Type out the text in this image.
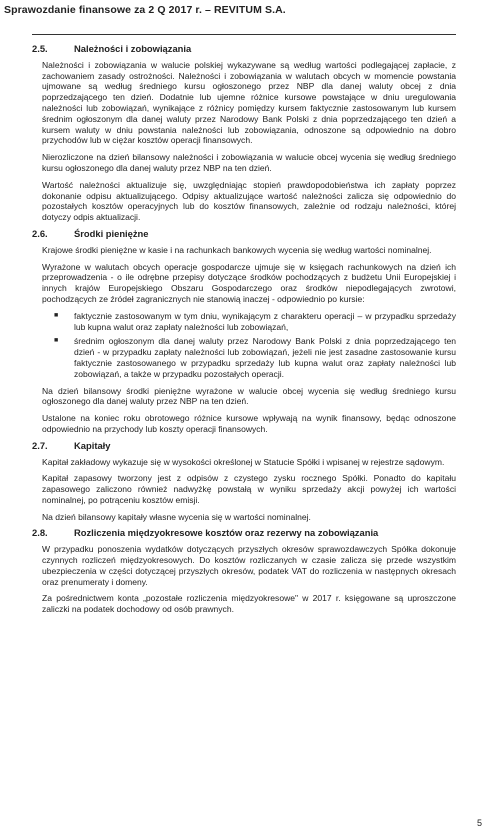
Sprawozdanie finansowe za 2 Q 2017 r. – REVITUM S.A.
2.5.	Należności i zobowiązania

Należności i zobowiązania w walucie polskiej wykazywane są według wartości podlegającej zapłacie, z zachowaniem zasady ostrożności. Należności i zobowiązania w walutach obcych w momencie powstania ujmowane są według średniego kursu ogłoszonego przez NBP dla danej waluty obcej z dnia poprzedzającego ten dzień. Dodatnie lub ujemne różnice kursowe powstające w dniu uregulowania należności lub zobowiązań, wynikające z różnicy pomiędzy kursem faktycznie zastosowanym lub kursem średnim ogłoszonym dla danej waluty przez Narodowy Bank Polski z dnia poprzedzającego ten dzień a kursem waluty w dniu powstania należności lub zobowiązania, odnoszone są odpowiednio na dobro przychodów lub w ciężar kosztów operacji finansowych.

Nierozliczone na dzień bilansowy należności i zobowiązania w walucie obcej wycenia się według średniego kursu ogłoszonego dla danej waluty przez NBP na ten dzień.

Wartość należności aktualizuje się, uwzględniając stopień prawdopodobieństwa ich zapłaty poprzez dokonanie odpisu aktualizującego. Odpisy aktualizujące wartość należności zalicza się odpowiednio do pozostałych kosztów operacyjnych lub do kosztów finansowych, zależnie od rodzaju należności, której dotyczy odpis aktualizacji.

2.6.	Środki pieniężne

Krajowe środki pieniężne w kasie i na rachunkach bankowych wycenia się według wartości nominalnej.

Wyrażone w walutach obcych operacje gospodarcze ujmuje się w księgach rachunkowych na dzień ich przeprowadzenia - o ile odrębne przepisy dotyczące środków pochodzących z budżetu Unii Europejskiej i innych krajów Europejskiego Obszaru Gospodarczego oraz środków niepodlegających zwrotowi, pochodzących ze źródeł zagranicznych nie stanowią inaczej - odpowiednio po kursie:

■ faktycznie zastosowanym w tym dniu, wynikającym z charakteru operacji – w przypadku sprzedaży lub kupna walut oraz zapłaty należności lub zobowiązań,
■ średnim ogłoszonym dla danej waluty przez Narodowy Bank Polski z dnia poprzedzającego ten dzień - w przypadku zapłaty należności lub zobowiązań, jeżeli nie jest zasadne zastosowanie kursu faktycznie zastosowanego w przypadku sprzedaży lub kupna walut oraz zapłaty należności lub zobowiązań, a także w przypadku pozostałych operacji.

Na dzień bilansowy środki pieniężne wyrażone w walucie obcej wycenia się według średniego kursu ogłoszonego dla danej waluty przez NBP na ten dzień.

Ustalone na koniec roku obrotowego różnice kursowe wpływają na wynik finansowy, będąc odnoszone odpowiednio na przychody lub koszty operacji finansowych.

2.7.	Kapitały

Kapitał zakładowy wykazuje się w wysokości określonej w Statucie Spółki i wpisanej w rejestrze sądowym.

Kapitał zapasowy tworzony jest z odpisów z czystego zysku rocznego Spółki. Ponadto do kapitału zapasowego zaliczono również nadwyżkę powstałą w wyniku sprzedaży akcji powyżej ich wartości nominalnej, po potrąceniu kosztów emisji.

Na dzień bilansowy kapitały własne wycenia się w wartości nominalnej.

2.8.	Rozliczenia międzyokresowe kosztów oraz rezerwy na zobowiązania

W przypadku ponoszenia wydatków dotyczących przyszłych okresów sprawozdawczych Spółka dokonuje czynnych rozliczeń międzyokresowych. Do kosztów rozliczanych w czasie zalicza się przede wszystkim ubezpieczenia w części dotyczącej przyszłych okresów, podatek VAT do rozliczenia w następnych okresach oraz prenumeraty i domeny.

Za pośrednictwem konta „pozostałe rozliczenia międzyokresowe" w 2017 r. księgowane są uproszczone zaliczki na podatek dochodowy od osób prawnych.

5
